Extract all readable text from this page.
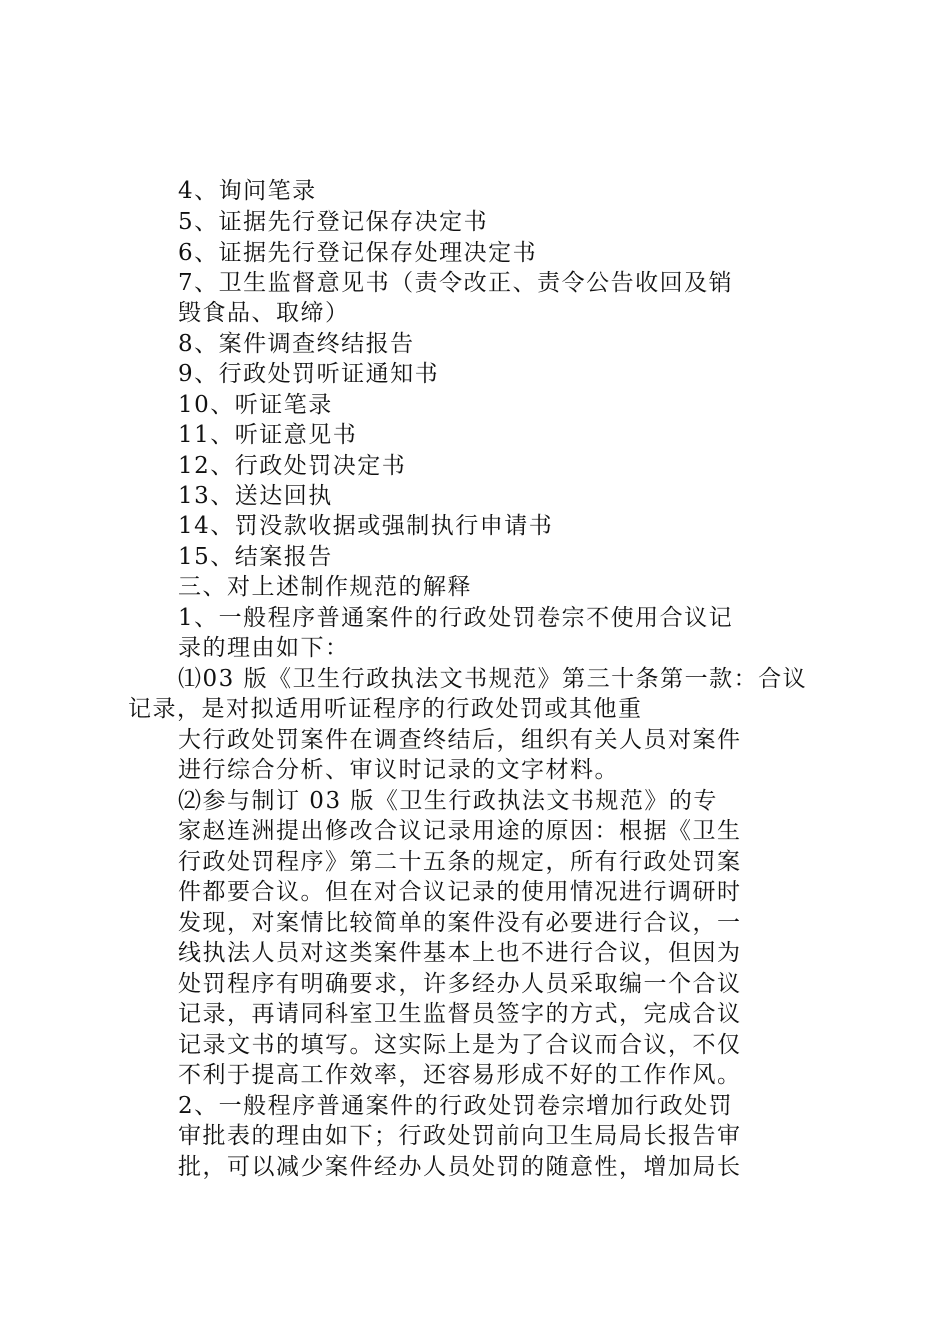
4、询问笔录
5、证据先行登记保存决定书
6、证据先行登记保存处理决定书
7、卫生监督意见书（责令改正、责令公告收回及销
毁食品、取缔）
8、案件调查终结报告
9、行政处罚听证通知书
10、听证笔录
11、听证意见书
12、行政处罚决定书
13、送达回执
14、罚没款收据或强制执行申请书
15、结案报告
三、对上述制作规范的解释
1、一般程序普通案件的行政处罚卷宗不使用合议记
录的理由如下：
⑴03 版《卫生行政执法文书规范》第三十条第一款：合议
记录，是对拟适用听证程序的行政处罚或其他重
大行政处罚案件在调查终结后，组织有关人员对案件
进行综合分析、审议时记录的文字材料。
⑵参与制订 03 版《卫生行政执法文书规范》的专
家赵连洲提出修改合议记录用途的原因：根据《卫生
行政处罚程序》第二十五条的规定，所有行政处罚案
件都要合议。但在对合议记录的使用情况进行调研时
发现，对案情比较简单的案件没有必要进行合议，一
线执法人员对这类案件基本上也不进行合议，但因为
处罚程序有明确要求，许多经办人员采取编一个合议
记录，再请同科室卫生监督员签字的方式，完成合议
记录文书的填写。这实际上是为了合议而合议，不仅
不利于提高工作效率，还容易形成不好的工作作风。
2、一般程序普通案件的行政处罚卷宗增加行政处罚
审批表的理由如下；行政处罚前向卫生局局长报告审
批，可以减少案件经办人员处罚的随意性，增加局长
